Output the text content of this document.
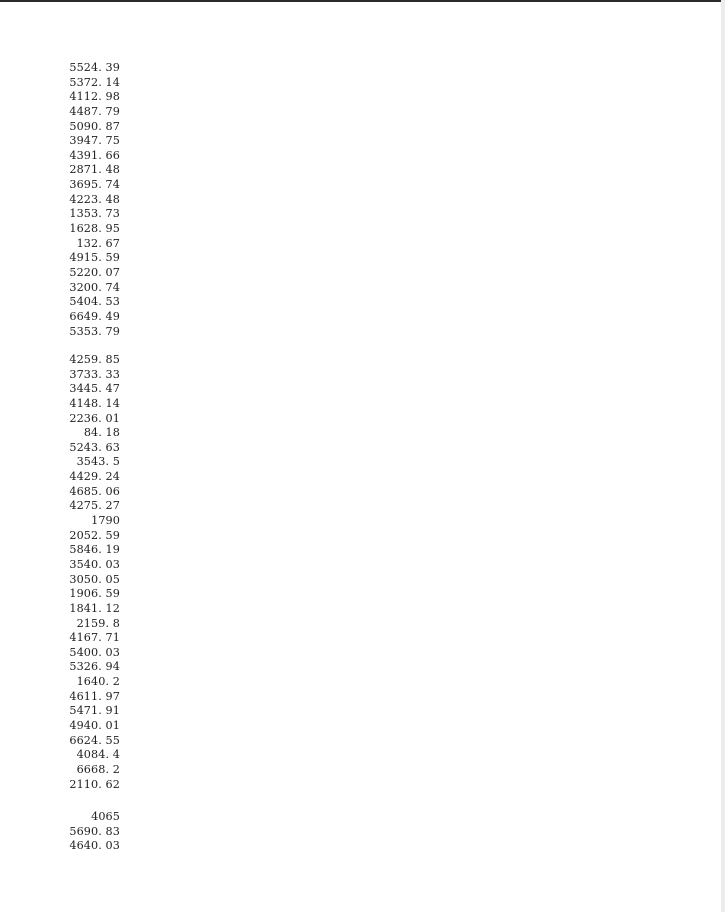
5524. 39
5372. 14
4112. 98
4487. 79
5090. 87
3947. 75
4391. 66
2871. 48
3695. 74
4223. 48
1353. 73
1628. 95
132. 67
4915. 59
5220. 07
3200. 74
5404. 53
6649. 49
5353. 79
4259. 85
3733. 33
3445. 47
4148. 14
2236. 01
84. 18
5243. 63
3543. 5
4429. 24
4685. 06
4275. 27
1790
2052. 59
5846. 19
3540. 03
3050. 05
1906. 59
1841. 12
2159. 8
4167. 71
5400. 03
5326. 94
1640. 2
4611. 97
5471. 91
4940. 01
6624. 55
4084. 4
6668. 2
2110. 62
4065
5690. 83
4640. 03
